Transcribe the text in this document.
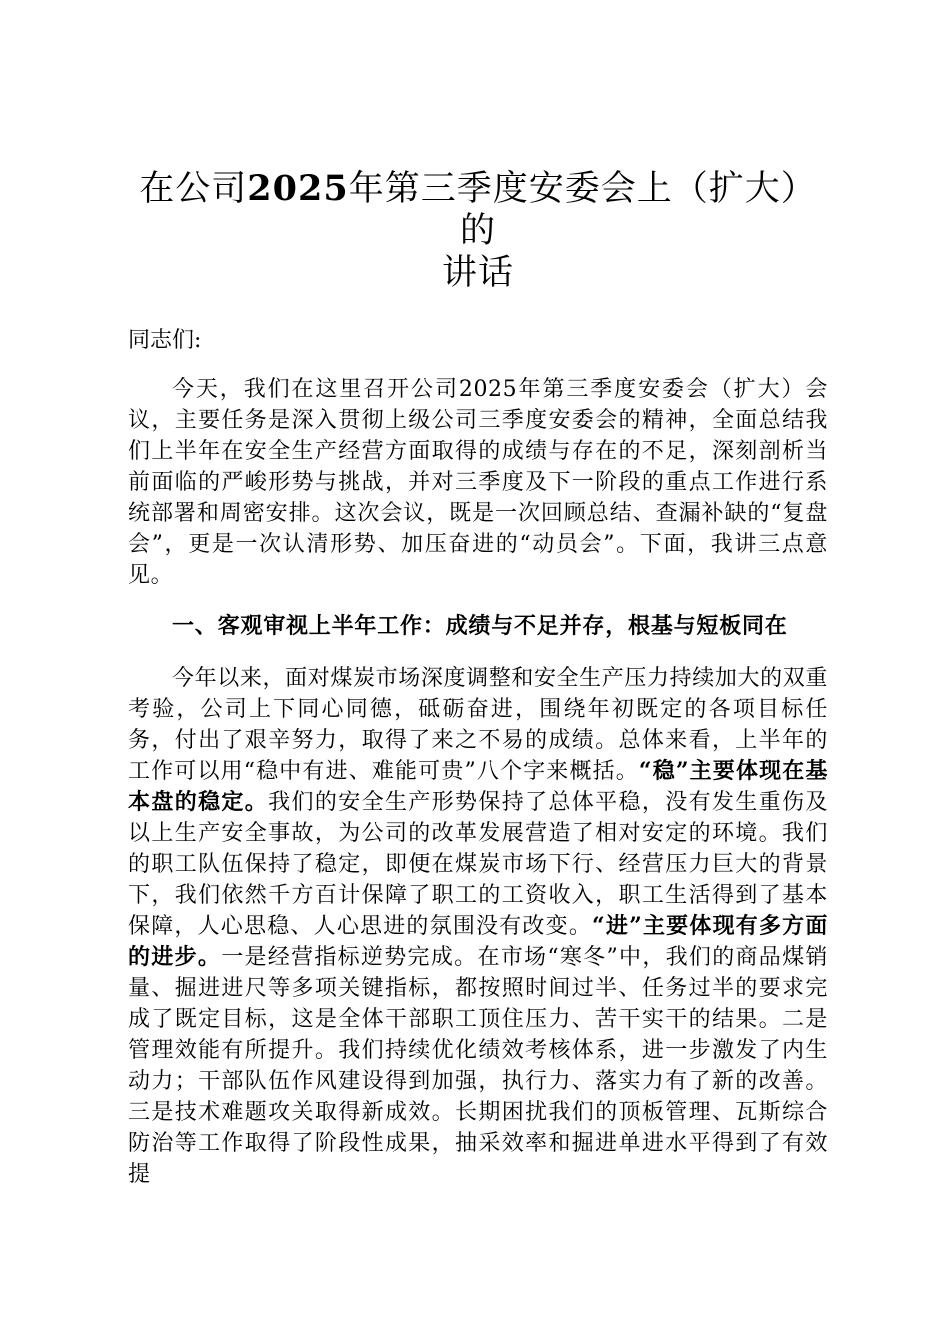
在公司2025年第三季度安委会上（扩大）的
讲话

同志们:

今天，我们在这里召开公司2025年第三季度安委会（扩大）会议，主要任务是深入贯彻上级公司三季度安委会的精神，全面总结我们上半年在安全生产经营方面取得的成绩与存在的不足，深刻剖析当前面临的严峻形势与挑战，并对三季度及下一阶段的重点工作进行系统部署和周密安排。这次会议，既是一次回顾总结、查漏补缺的“复盘会”，更是一次认清形势、加压奋进的“动员会”。下面，我讲三点意见。

一、客观审视上半年工作：成绩与不足并存，根基与短板同在

今年以来，面对煤炭市场深度调整和安全生产压力持续加大的双重考验，公司上下同心同德，砥砺奋进，围绕年初既定的各项目标任务，付出了艰辛努力，取得了来之不易的成绩。总体来看，上半年的工作可以用“稳中有进、难能可贵”八个字来概括。“稳”主要体现在基本盘的稳定。我们的安全生产形势保持了总体平稳，没有发生重伤及以上生产安全事故，为公司的改革发展营造了相对安定的环境。我们的职工队伍保持了稳定，即便在煤炭市场下行、经营压力巨大的背景下，我们依然千方百计保障了职工的工资收入，职工生活得到了基本保障，人心思稳、人心思进的氛围没有改变。“进”主要体现有多方面的进步。一是经营指标逆势完成。在市场“寒冬”中，我们的商品煤销量、掘进进尺等多项关键指标，都按照时间过半、任务过半的要求完成了既定目标，这是全体干部职工顶住压力、苦干实干的结果。二是管理效能有所提升。我们持续优化绩效考核体系，进一步激发了内生动力；干部队伍作风建设得到加强，执行力、落实力有了新的改善。三是技术难题攻关取得新成效。长期困扰我们的顶板管理、瓦斯综合防治等工作取得了阶段性成果，抽采效率和掘进单进水平得到了有效提
